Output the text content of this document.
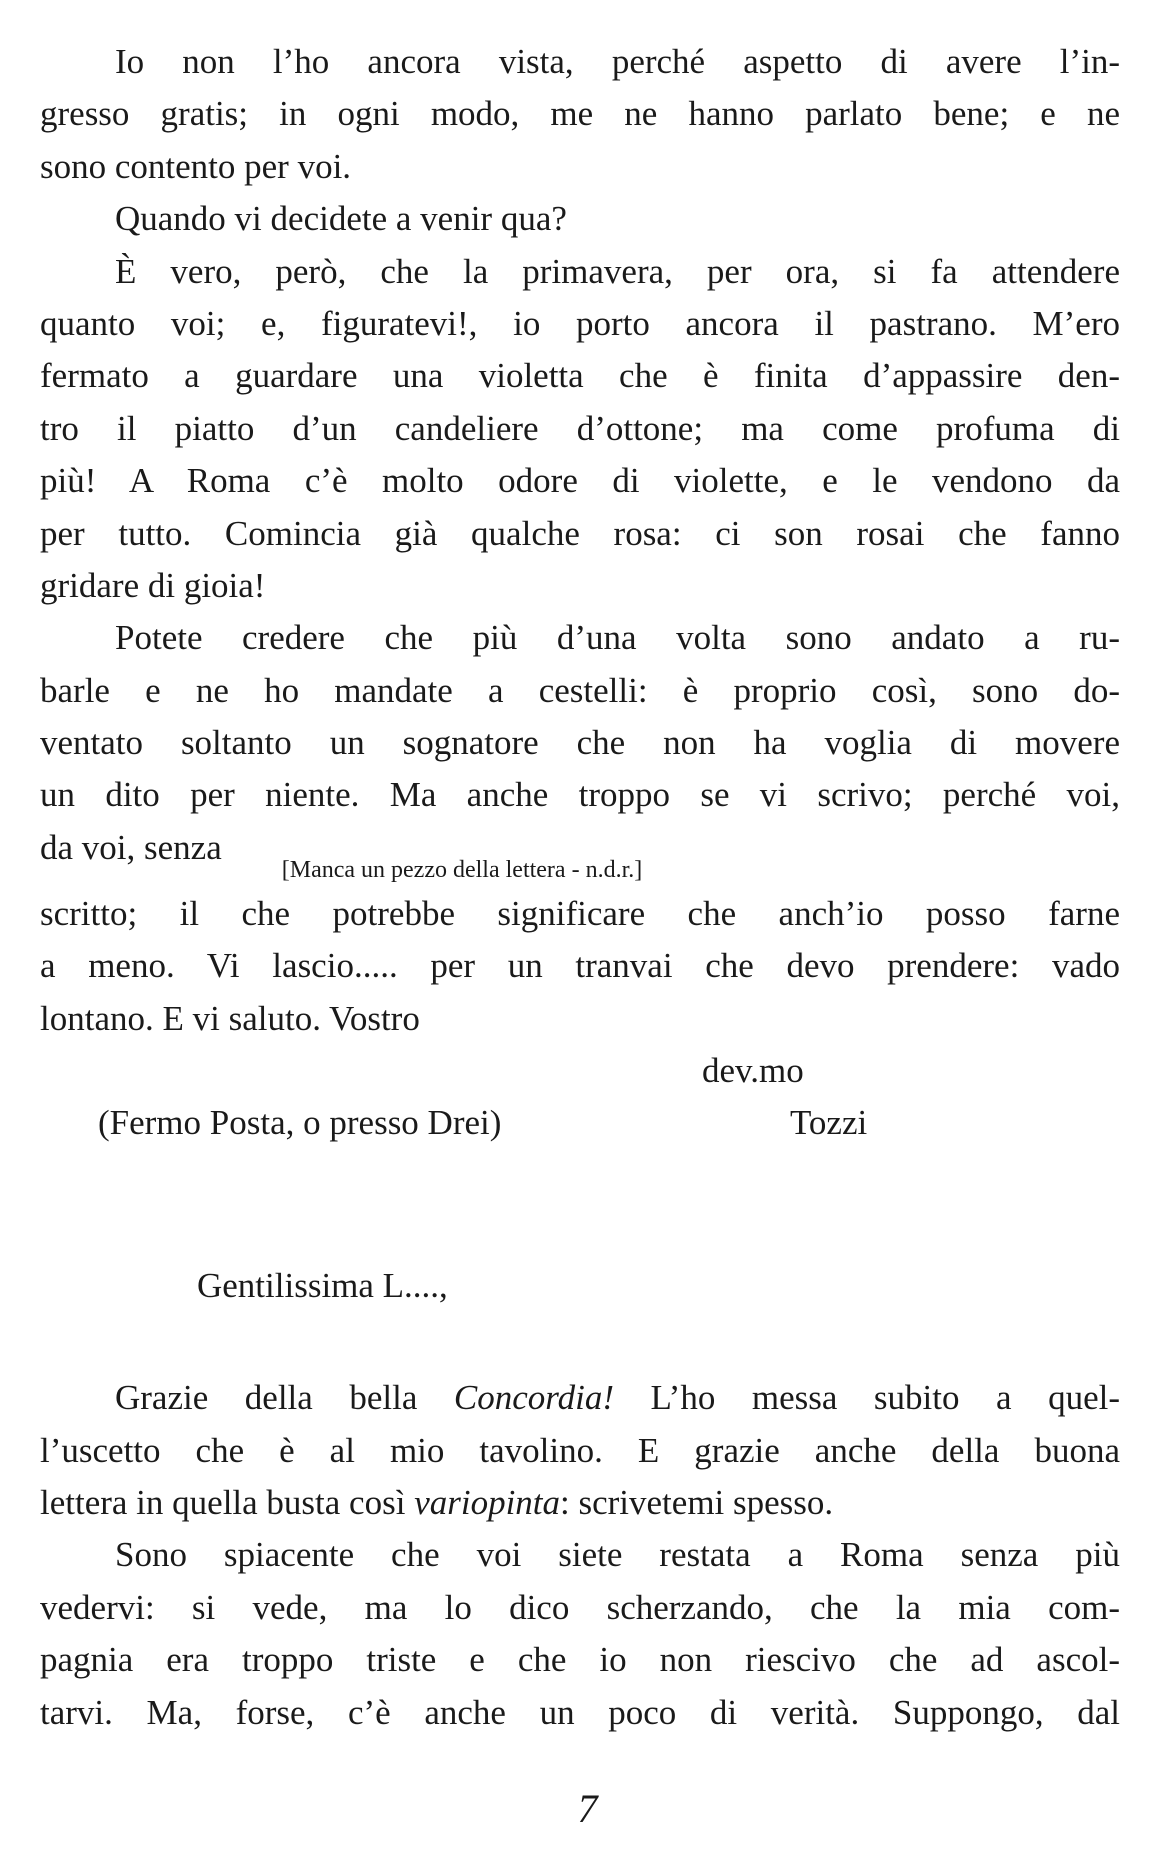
Io non l’ho ancora vista, perché aspetto di avere l’in-
gresso gratis; in ogni modo, me ne hanno parlato bene; e ne
sono contento per voi.
Quando vi decidete a venir qua?
È vero, però, che la primavera, per ora, si fa attendere
quanto voi; e, figuratevi!, io porto ancora il pastrano. M’ero
fermato a guardare una violetta che è finita d’appassire den-
tro il piatto d’un candeliere d’ottone; ma come profuma di
più! A Roma c’è molto odore di violette, e le vendono da
per tutto. Comincia già qualche rosa: ci son rosai che fanno
gridare di gioia!
Potete credere che più d’una volta sono andato a ru-
barle e ne ho mandate a cestelli: è proprio così, sono do-
ventato soltanto un sognatore che non ha voglia di movere
un dito per niente. Ma anche troppo se vi scrivo; perché voi,
da voi, senza
[Manca un pezzo della lettera - n.d.r.]
scritto; il che potrebbe significare che anch’io posso farne
a meno. Vi lascio..... per un tranvai che devo prendere: vado
lontano. E vi saluto. Vostro
dev.mo
(Fermo Posta, o presso Drei)	Tozzi
Gentilissima L....,
Grazie della bella Concordia! L’ho messa subito a quel-
l’uscetto che è al mio tavolino. E grazie anche della buona
lettera in quella busta così variopinta: scrivetemi spesso.
Sono spiacente che voi siete restata a Roma senza più
vedervi: si vede, ma lo dico scherzando, che la mia com-
pagnia era troppo triste e che io non riescivo che ad ascol-
tarvi. Ma, forse, c’è anche un poco di verità. Suppongo, dal
7
